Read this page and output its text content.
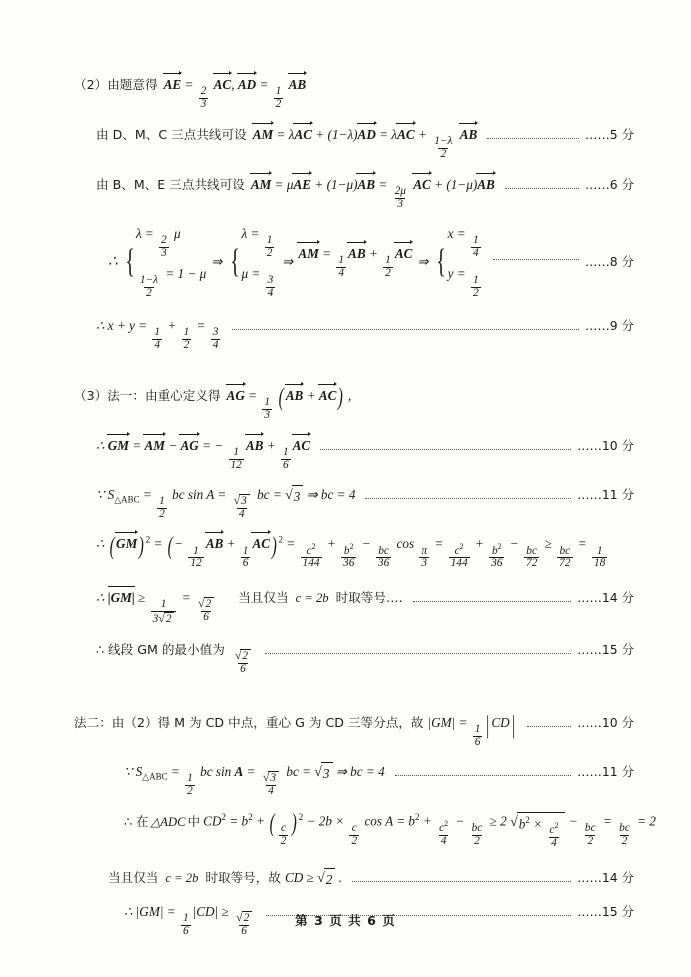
（2）由题意得 AE =
$\frac{2}{3}$
AC, AD =
$\frac{1}{2}$
AB
由 D、M、C 三点共线可设 AM = λAC + (1−λ)AD = λAC +
$\frac{1-\lambda}{2}$
AB	……5 分
由 B、M、E 三点共线可设 AM = μAE + (1−μ)AB =
$\frac{2\mu}{3}$
AC + (1−μ)AB	……6 分
∴ {
λ =
$\frac{2}{3}$
μ
$\frac{1-\lambda}{2}$
= 1 − μ
⇒ {
λ =
$\frac{1}{2}$
μ =
$\frac{3}{4}$
⇒
AM =
$\frac{1}{4}$
AB +
$\frac{1}{2}$
AC
⇒ {
x =
$\frac{1}{4}$
y =
$\frac{1}{2}$
……8 分
∴ x + y =
$\frac{1}{4}$
+
$\frac{1}{2}$
=
$\frac{3}{4}$
……9 分
（3）法一：由重心定义得 AG =
$\frac{1}{3}$ ( AB + AC) ,
∴ GM = AM − AG = −
$\frac{1}{12}$
AB +
$\frac{1}{6}$
AC	……10 分
∵ $S_{\triangle ABC}$ =
$\frac{1}{2}$
bc $\sin A = \frac{√ 3}{4}$ bc = √ 3 ⇒ bc = 4	……11 分
∴ ( GM) $^2$ = ( −
$\frac{1}{12}$
AB +
$\frac{1}{6}$
AC) $^2 = \frac{c^2}{144} + \frac{b^2}{36}$ −
$\frac{bc}{36}$
cos
$\frac{\pi}{3}$
= $\frac{c^2}{144} + \frac{b^2}{36}$ −
$\frac{bc}{72}$
≥
$\frac{bc}{72}$
=
$\frac{1}{18}$
∴ |GM| ≥
$\frac{1}{3 √ 2}$
= $\frac{√ 2}{6}$ 当且仅当 c = 2b 时取等号….	……14 分
∴ 线段 GM 的最小值为 $\frac{√ 2}{6}$	……15 分
法二：由（2）得 M 为 CD 中点，重心 G 为 CD 三等分点，故 |GM| =
$\frac{1}{6} |CD|$	……10 分
∵ $S_{\triangle ABC}$ =
$\frac{1}{2}$
bc $\sin A = \frac{√ 3}{4}$ bc = √ 3 ⇒ bc = 4	……11 分
∴ 在 △ADC 中 $CD^2 = b^2$ + ( $\frac{c}{2}$ ) $^2$ − 2b ×
$\frac{c}{2}$
$\cos A = b^2 + \frac{c^2}{4}$ −
$\frac{bc}{2}$
≥ 2 √ $b^2 \times \frac{c^2}{4}$
−
$\frac{bc}{2}$
=
$\frac{bc}{2}$
= 2
当且仅当 c = 2b 时取等号，故 CD ≥ √ 2 .	……14 分
∴ |GM| =
$\frac{1}{6}$
$|CD| \ge \frac{√ 2}{6}$	……15 分
第 3 页 共 6 页
